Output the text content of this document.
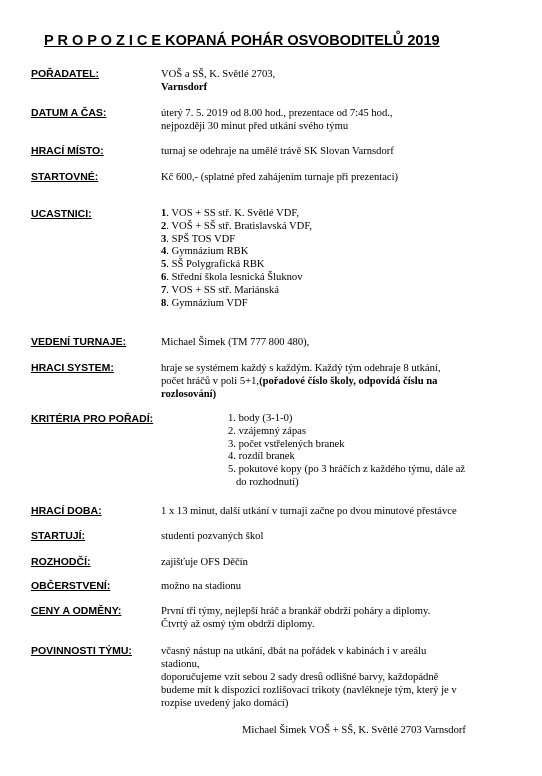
P R O P O Z I C E KOPANÁ POHÁR OSVOBODITELŮ 2019
POŘADATEL:	VOŠ a SŠ, K. Světlé 2703,
Varnsdorf
DATUM A ČAS:	úterý 7. 5. 2019 od 8.00 hod., prezentace od 7:45 hod.,
nejpozději 30 minut před utkání svého týmu
HRACÍ MÍSTO:	turnaj se odehraje na umělé trávě SK Slovan Varnsdorf
STARTOVNÉ:	Kč 600,- (splatné před zahájením turnaje při prezentaci)
UCASTNICI:	1. VOS + SS stř. K. Světlé VDF,
2. VOŠ + SŠ stř. Bratislavská VDF,
3. SPŠ TOS VDF
4. Gymnázium RBK
5. SŠ Polygrafická RBK
6. Střední škola lesnická Šluknov
7. VOS + SS stř. Mariánská
8. Gymnázium VDF
VEDENÍ TURNAJE:	Michael Šimek (TM 777 800 480),
HRACI SYSTEM:	hraje se systémem každý s každým. Každý tým odehraje 8 utkání,
počet hráčů v poli 5+1,(pořadové číslo školy, odpovídá číslu na
rozlosování)
KRITÉRIA PRO POŘADÍ:	1. body (3-1-0)
2. vzájemný zápas
3. počet vstřelených branek
4. rozdíl branek
5. pokutové kopy (po 3 hráčích z každého týmu, dále až
do rozhodnutí)
HRACÍ DOBA:	1 x 13 minut, další utkání v turnaji začne po dvou minutové přestávce
STARTUJÍ:	studenti pozvaných škol
ROZHODČÍ:	zajišťuje OFS Děčín
OBČERSTVENÍ:	možno na stadionu
CENY A ODMĚNY:	První tři týmy, nejlepší hráč a brankář obdrží poháry a diplomy.
Čtvrtý až osmý tým obdrží diplomy.
POVINNOSTI TÝMU:	včasný nástup na utkání, dbát na pořádek v kabinách i v areálu
stadionu,
doporučujeme vzít sebou 2 sady dresů odlišné barvy, každopádně
budeme mít k dispozici rozlišovací trikoty (navlékneje tým, který je v
rozpise uvedený jako domácí)
Michael Šimek VOŠ + SŠ, K. Světlé 2703 Varnsdorf
